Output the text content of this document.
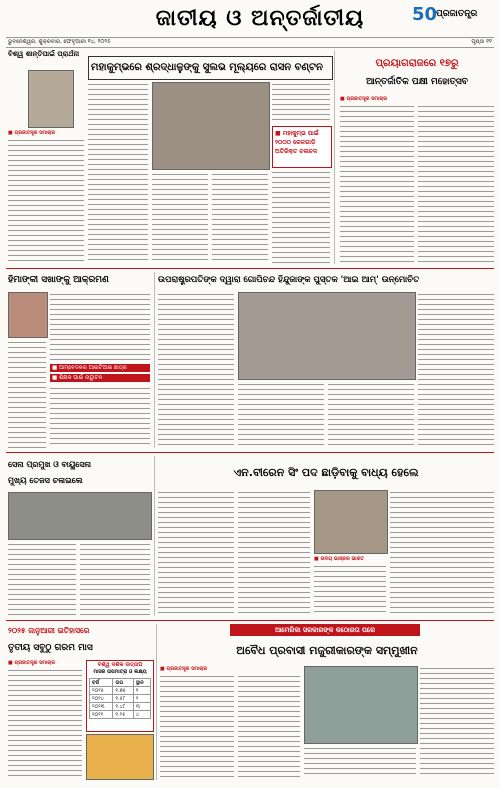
ଜାତୀୟ ଓ ଅନ୍ତର୍ଜାତୀୟ	50
ପ୍ରଜାତନ୍ତ୍ର
ଭୁବନେଶ୍ୱର, ଶୁକ୍ରବାର, ଫେବୃଆରୀ ୧୪, ୨୦୨୫	ପୃଷ୍ଠା ୧୧
ବିଶ୍ୱ ଶାନ୍ତିପାଇଁ ପ୍ରାର୍ଥନା
■ ପ୍ରଜାତନ୍ତ୍ର ସମାଚାର
ମହାକୁମ୍ଭରେ ଶ୍ରଦ୍ଧାଳୁଙ୍କୁ ସୁଲଭ ମୂଲ୍ୟରେ ରାସନ ବଣ୍ଟନ
■ ମହାକୁମ୍ଭ ପାଇଁ ୨୦୦୦ ରେଳଗାଡ଼ି ଅତିରିକ୍ତ ଚଳାଚଳ
ପ୍ରୟାଗରାଜରେ ୧୭ରୁ
ଆନ୍ତର୍ଜାତିକ ପକ୍ଷୀ ମହୋତ୍ସବ
■ ପ୍ରଜାତନ୍ତ୍ର ସମାଚାର
ହିମାଙ୍କୀ ସଖାଙ୍କୁ ଆକ୍ରମଣ
■ ଆମ୍ବେଦକର ଆଇଟିଆଇ ଛାତ୍ର
■ ଶିକ୍ଷକ ପାଇଁ ଉଦ୍ଘାଟନ
ଉପରାଷ୍ଟ୍ରପତିଙ୍କ ଦ୍ୱାରା ଗୋପିଚନ୍ଦ ହିନ୍ଦୁଜାଙ୍କ ପୁସ୍ତକ 'ଆଇ ଆମ୍' ଉନ୍ମୋଚିତ
ସେନା ପ୍ରମୁଖ ଓ ବାୟୁସେନା
ମୁଖ୍ୟ ତେଜସ ଚଳାଇଲେ
ଏନ.ବୀରେନ ସିଂ ପଦ ଛାଡ଼ିବାକୁ ବାଧ୍ୟ ହେଲେ
■ ଉଦୟ ଭାସ୍କର ଭାରତ
୨୦୨୫ ଜାନୁଆରୀ ଇତିହାସରେ
ତୃତୀୟ ସବୁଠୁ ଗରମ ମାସ
■ ପ୍ରଜାତନ୍ତ୍ର ସମାଚାର	ବିଶ୍ୱ ଦର୍ଶକ ଉତ୍ତାପ
ମାସର ତାପମାତ୍ରା ଓ ଲକ୍ଷ୍ୟ
ବର୍ଷ	ତାପ	ସ୍ଥାନ
୨୦୨୫	୧.୭୫	୧
୨୦୨୪	୧.୫୮	୨
୨୦୨୩	୧.୪୮	୩
୨୦୨୨	୧.୨୫	୪
ଆମେରିକା ସରକାରଙ୍କ କଠୋରତା ପରେ
ଅବୈଧ ପ୍ରବାସୀ ମଜୁରୀକାରଙ୍କ ସମ୍ମୁଖୀନ
■ ପ୍ରଜାତନ୍ତ୍ର ସମାଚାର
